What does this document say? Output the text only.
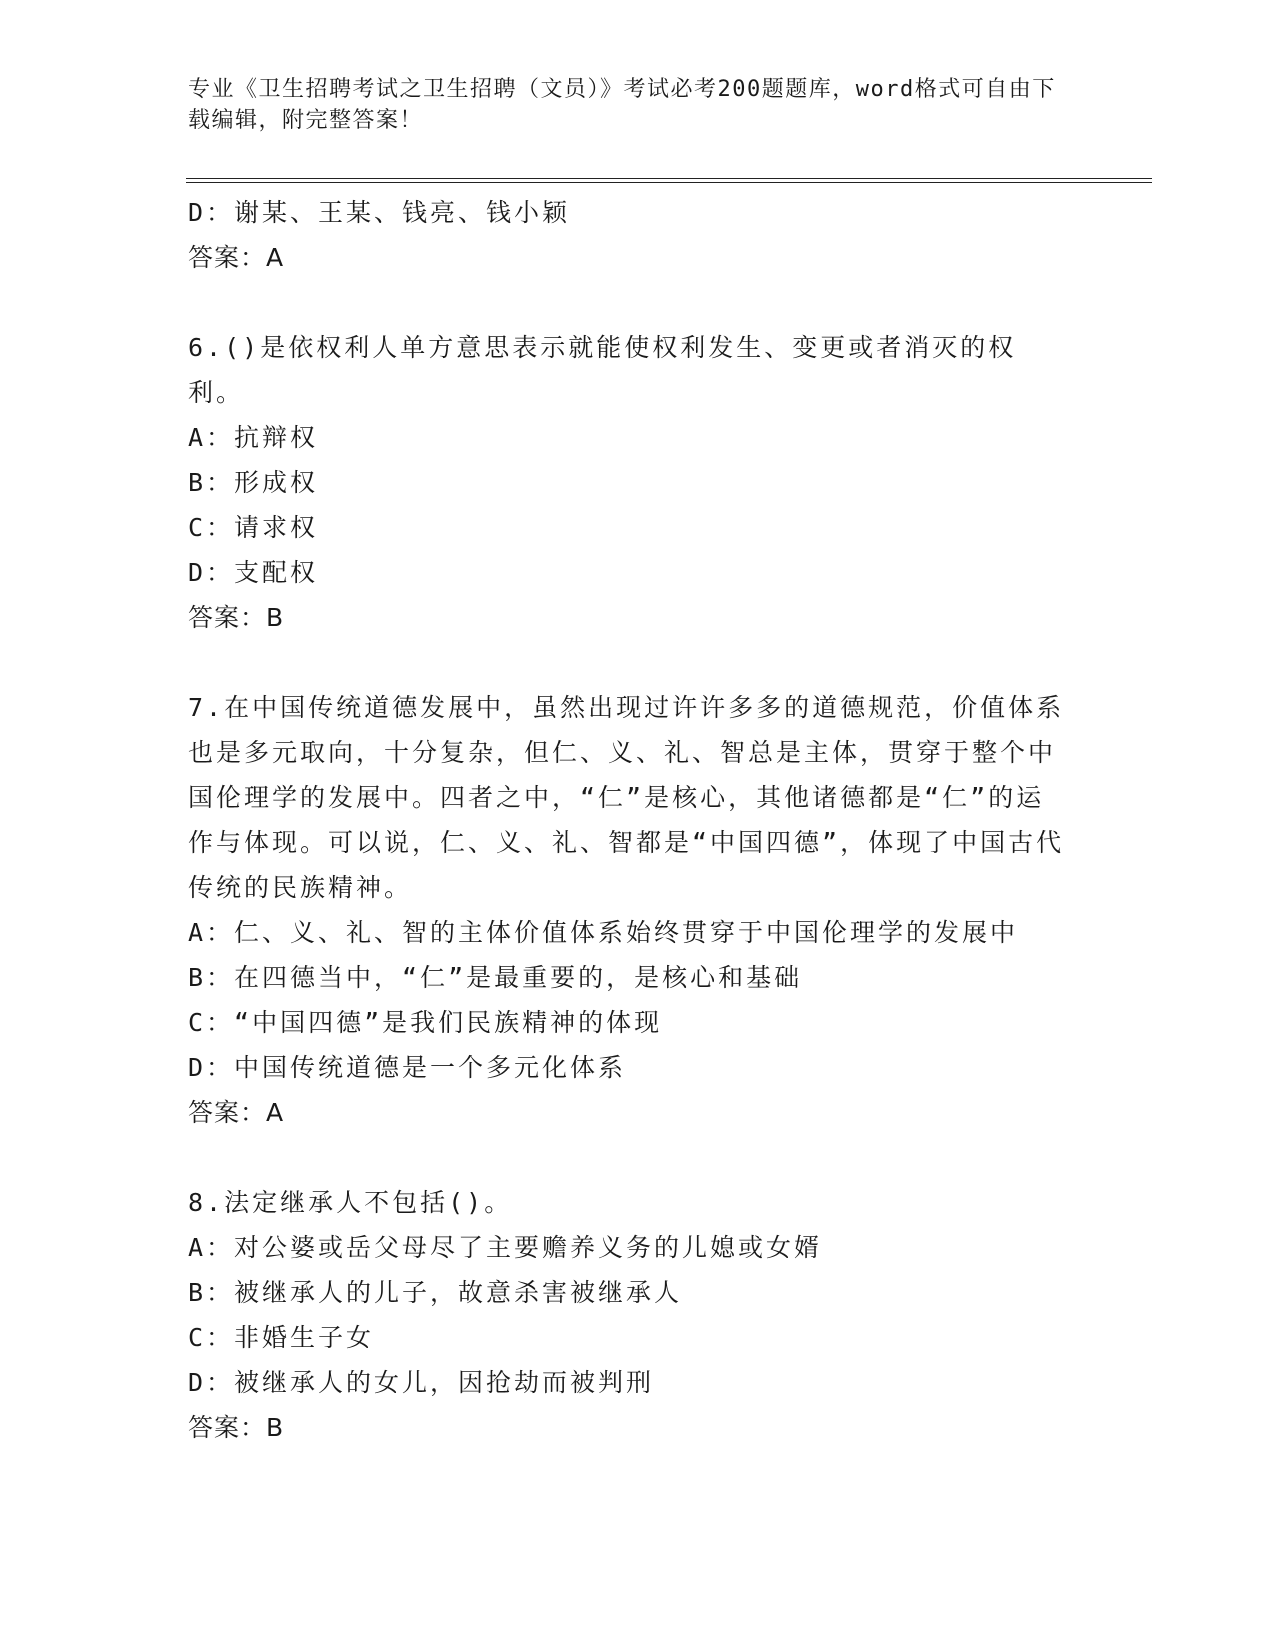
专业《卫生招聘考试之卫生招聘（文员）》考试必考200题题库，word格式可自由下载编辑，附完整答案！
D：谢某、王某、钱亮、钱小颖
答案：A
6.()是依权利人单方意思表示就能使权利发生、变更或者消灭的权利。
A：抗辩权
B：形成权
C：请求权
D：支配权
答案：B
7.在中国传统道德发展中，虽然出现过许许多多的道德规范，价值体系也是多元取向，十分复杂，但仁、义、礼、智总是主体，贯穿于整个中国伦理学的发展中。四者之中，“仁”是核心，其他诸德都是“仁”的运作与体现。可以说，仁、义、礼、智都是“中国四德”，体现了中国古代传统的民族精神。
A：仁、义、礼、智的主体价值体系始终贯穿于中国伦理学的发展中
B：在四德当中，“仁”是最重要的，是核心和基础
C：“中国四德”是我们民族精神的体现
D：中国传统道德是一个多元化体系
答案：A
8.法定继承人不包括()。
A：对公婆或岳父母尽了主要赡养义务的儿媳或女婿
B：被继承人的儿子，故意杀害被继承人
C：非婚生子女
D：被继承人的女儿，因抢劫而被判刑
答案：B
